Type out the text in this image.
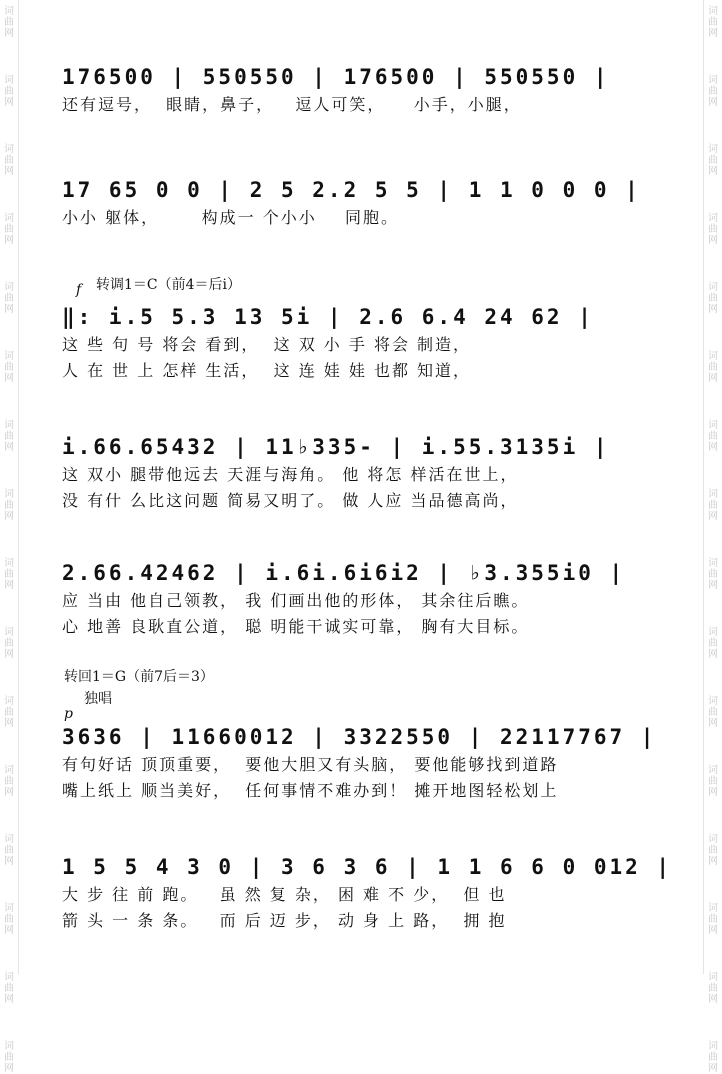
词曲网
词曲网
词曲网
词曲网
词曲网
词曲网
词曲网
词曲网
词曲网
词曲网
词曲网
词曲网
词曲网
词曲网
词曲网
词曲网
词曲网
词曲网
词曲网
词曲网
词曲网
词曲网
词曲网
词曲网
词曲网
词曲网
词曲网
词曲网
词曲网
词曲网
词曲网
词曲网
176500 | 550550 | 176500 | 550550 |
还有逗号，  眼睛，鼻子，   逗人可笑，    小手，小腿，
17 65 0 0 | 2 5 2.2 5 5 | 1 1 0 0 0 |
小小 躯体，      构成一 个小小    同胞。
转调1＝C（前4＝后i）
f
‖: i.5 5.3 13 5i | 2.6 6.4 24 62 |
这 些 句 号 将会 看到，  这 双 小 手 将会 制造，
人 在 世 上 怎样 生活，  这 连 娃 娃 也都 知道，
i.66.65432 | 11♭335- | i.55.3135i |
这 双小 腿带他远去 天涯与海角。 他 将怎 样活在世上，
没 有什 么比这问题 简易又明了。 做 人应 当品德高尚，
2.66.42462 | i.6i.6i6i2 | ♭3.355i0 |
应 当由 他自己领教， 我 们画出他的形体， 其余往后瞧。
心 地善 良耿直公道， 聪 明能干诚实可靠， 胸有大目标。
转回1＝G（前7后＝3）
独唱
p
3636 | 11660012 | 3322550 | 22117767 |
有句好话 顶顶重要，  要他大胆又有头脑， 要他能够找到道路
嘴上纸上 顺当美好，  任何事情不难办到！ 摊开地图轻松划上
1 5 5 4 3 0 | 3 6 3 6 | 1 1 6 6 0 012 |
大 步 往 前 跑。   虽 然 复 杂， 困 难 不 少，  但 也
箭 头 一 条 条。   而 后 迈 步， 动 身 上 路，  拥 抱
